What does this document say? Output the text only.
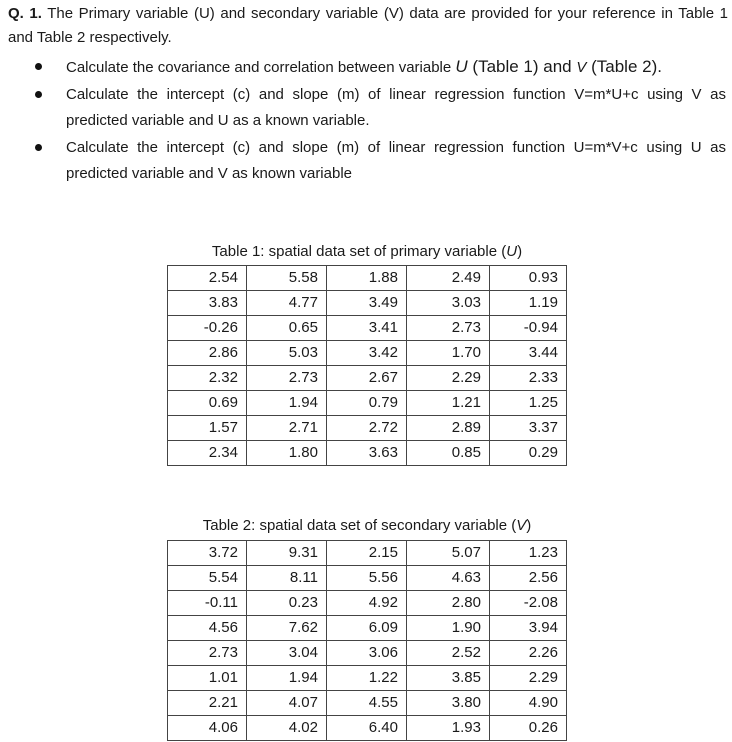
Q. 1. The Primary variable (U) and secondary variable (V) data are provided for your reference in Table 1 and Table 2 respectively.
Calculate the covariance and correlation between variable U (Table 1) and V (Table 2).
Calculate the intercept (c) and slope (m) of linear regression function V=m*U+c using V as predicted variable and U as a known variable.
Calculate the intercept (c) and slope (m) of linear regression function U=m*V+c using U as predicted variable and V as known variable
Table 1: spatial data set of primary variable (U)
2.54	5.58	1.88	2.49	0.93
3.83	4.77	3.49	3.03	1.19
-0.26	0.65	3.41	2.73	-0.94
2.86	5.03	3.42	1.70	3.44
2.32	2.73	2.67	2.29	2.33
0.69	1.94	0.79	1.21	1.25
1.57	2.71	2.72	2.89	3.37
2.34	1.80	3.63	0.85	0.29
Table 2: spatial data set of secondary variable (V)
3.72	9.31	2.15	5.07	1.23
5.54	8.11	5.56	4.63	2.56
-0.11	0.23	4.92	2.80	-2.08
4.56	7.62	6.09	1.90	3.94
2.73	3.04	3.06	2.52	2.26
1.01	1.94	1.22	3.85	2.29
2.21	4.07	4.55	3.80	4.90
4.06	4.02	6.40	1.93	0.26
